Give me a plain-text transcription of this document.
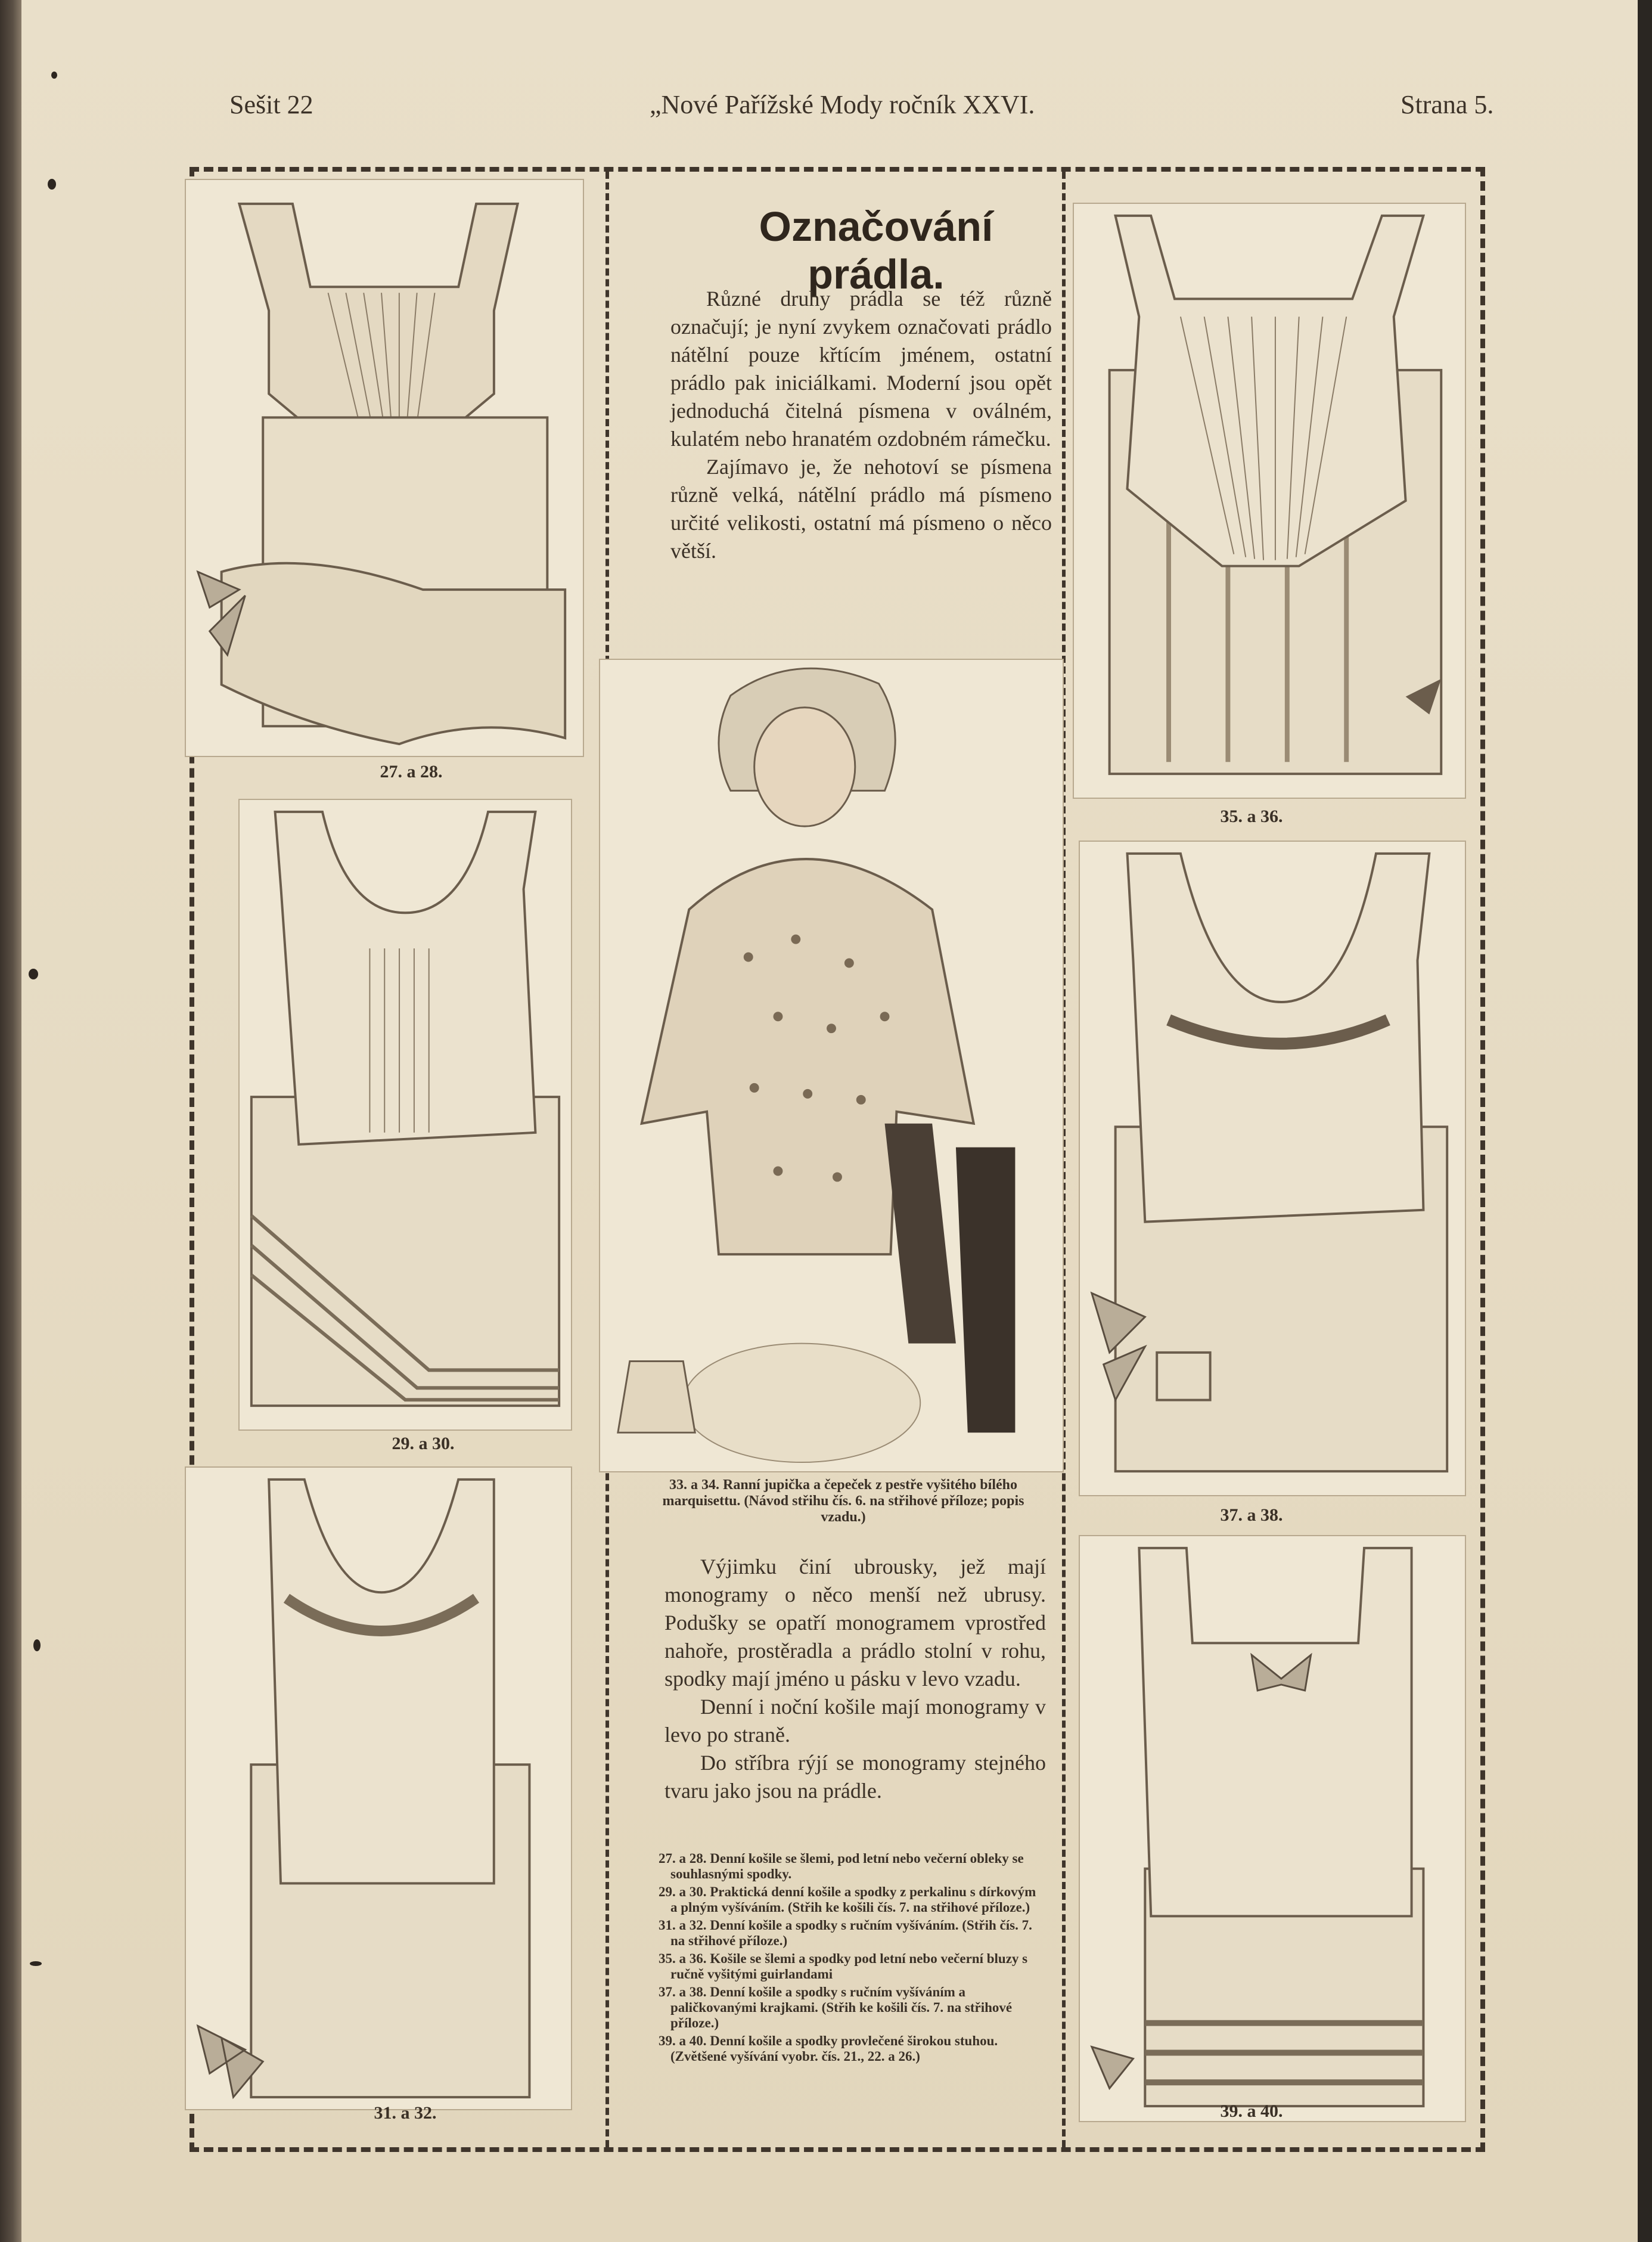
Sešit 22	„Nové Pařížské Mody ročník XXVI.	Strana 5.
27. a 28.
29. a 30.
31. a 32.
Označování prádla.

Různé druhy prádla se též různě označují; je nyní zvykem označovati prádlo nátělní pouze křtícím jménem, ostatní prádlo pak iniciálkami. Moderní jsou opět jednoduchá čitelná písmena v oválném, kulatém nebo hranatém ozdobném rámečku.

Zajímavo je, že nehotoví se písmena různě velká, nátělní prádlo má písmeno určité velikosti, ostatní má písmeno o něco větší.

33. a 34. Ranní jupička a čepeček z pestře vyšitého bílého marquisettu. (Návod střihu čís. 6. na střihové příloze; popis vzadu.)

Výjimku činí ubrousky, jež mají monogramy o něco menší než ubrusy. Podušky se opatří monogramem vprostřed nahoře, prostěradla a prádlo stolní v rohu, spodky mají jméno u pásku v levo vzadu.

Denní i noční košile mají monogramy v levo po straně.

Do stříbra rýjí se monogramy stejného tvaru jako jsou na prádle.

27. a 28. Denní košile se šlemi, pod letní nebo večerní obleky se souhlasnými spodky.
29. a 30. Praktická denní košile a spodky z perkalinu s dírkovým a plným vyšíváním. (Střih ke košili čís. 7. na střihové příloze.)
31. a 32. Denní košile a spodky s ručním vyšíváním. (Střih čís. 7. na střihové příloze.)
35. a 36. Košile se šlemi a spodky pod letní nebo večerní bluzy s ručně vyšitými guirlandami
37. a 38. Denní košile a spodky s ručním vyšíváním a paličkovanými krajkami. (Střih ke košili čís. 7. na střihové příloze.)
39. a 40. Denní košile a spodky provlečené širokou stuhou. (Zvětšené vyšívání vyobr. čís. 21., 22. a 26.)
35. a 36.
37. a 38.
39. a 40.
